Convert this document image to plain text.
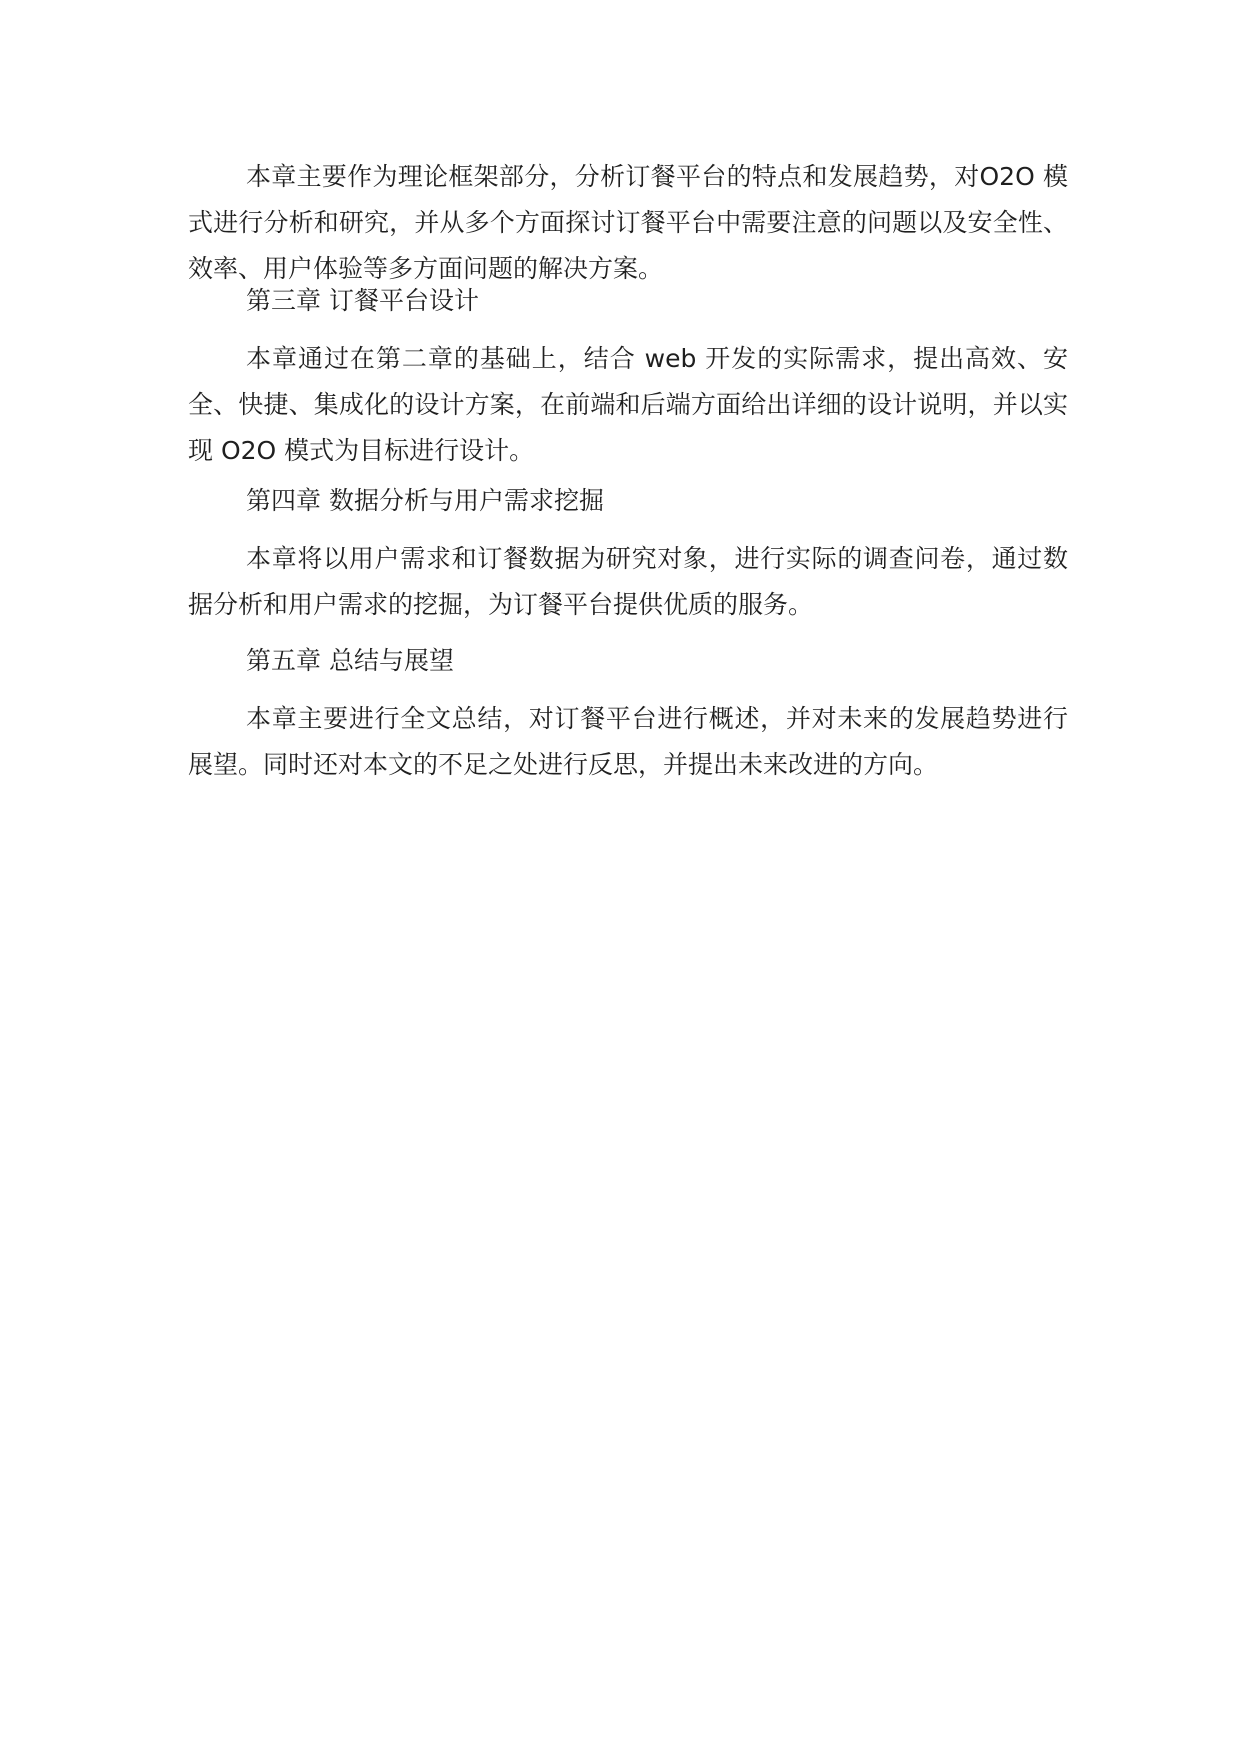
本章主要作为理论框架部分，分析订餐平台的特点和发展趋势，对O2O 模式进行分析和研究，并从多个方面探讨订餐平台中需要注意的问题以及安全性、效率、用户体验等多方面问题的解决方案。

第三章 订餐平台设计

本章通过在第二章的基础上，结合 web 开发的实际需求，提出高效、安全、快捷、集成化的设计方案，在前端和后端方面给出详细的设计说明，并以实现 O2O 模式为目标进行设计。

第四章 数据分析与用户需求挖掘

本章将以用户需求和订餐数据为研究对象，进行实际的调查问卷，通过数据分析和用户需求的挖掘，为订餐平台提供优质的服务。

第五章 总结与展望

本章主要进行全文总结，对订餐平台进行概述，并对未来的发展趋势进行展望。同时还对本文的不足之处进行反思，并提出未来改进的方向。
